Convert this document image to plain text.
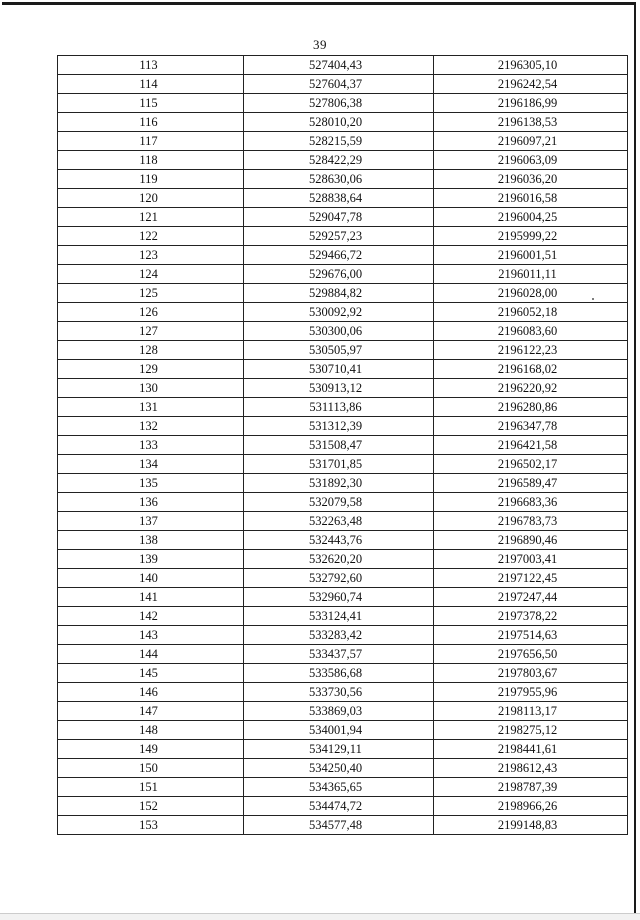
39
113	527404,43	2196305,10
114	527604,37	2196242,54
115	527806,38	2196186,99
116	528010,20	2196138,53
117	528215,59	2196097,21
118	528422,29	2196063,09
119	528630,06	2196036,20
120	528838,64	2196016,58
121	529047,78	2196004,25
122	529257,23	2195999,22
123	529466,72	2196001,51
124	529676,00	2196011,11
125	529884,82	2196028,00
126	530092,92	2196052,18
127	530300,06	2196083,60
128	530505,97	2196122,23
129	530710,41	2196168,02
130	530913,12	2196220,92
131	531113,86	2196280,86
132	531312,39	2196347,78
133	531508,47	2196421,58
134	531701,85	2196502,17
135	531892,30	2196589,47
136	532079,58	2196683,36
137	532263,48	2196783,73
138	532443,76	2196890,46
139	532620,20	2197003,41
140	532792,60	2197122,45
141	532960,74	2197247,44
142	533124,41	2197378,22
143	533283,42	2197514,63
144	533437,57	2197656,50
145	533586,68	2197803,67
146	533730,56	2197955,96
147	533869,03	2198113,17
148	534001,94	2198275,12
149	534129,11	2198441,61
150	534250,40	2198612,43
151	534365,65	2198787,39
152	534474,72	2198966,26
153	534577,48	2199148,83
